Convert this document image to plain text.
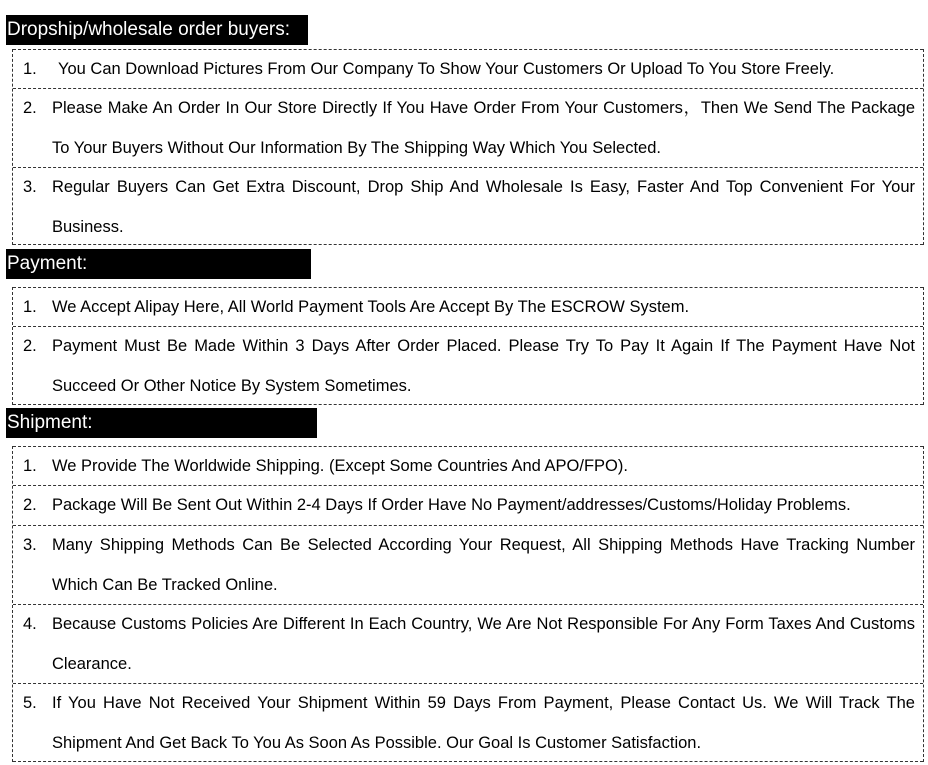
Dropship/wholesale order buyers:
1.	You Can Download Pictures From Our Company To Show Your Customers Or Upload To You Store Freely.
2. Please Make An Order In Our Store Directly If You Have Order From Your Customers，Then We Send The Package To Your Buyers Without Our Information By The Shipping Way Which You Selected.
3. Regular Buyers Can Get Extra Discount, Drop Ship And Wholesale Is Easy, Faster And Top Convenient For Your Business.
Payment:
1. We Accept Alipay Here, All World Payment Tools Are Accept By The ESCROW System.
2. Payment Must Be Made Within 3 Days After Order Placed. Please Try To Pay It Again If The Payment Have Not Succeed Or Other Notice By System Sometimes.
Shipment:
1. We Provide The Worldwide Shipping. (Except Some Countries And APO/FPO).
2. Package Will Be Sent Out Within 2-4 Days If Order Have No Payment/addresses/Customs/Holiday Problems.
3. Many Shipping Methods Can Be Selected According Your Request, All Shipping Methods Have Tracking Number Which Can Be Tracked Online.
4. Because Customs Policies Are Different In Each Country, We Are Not Responsible For Any Form Taxes And Customs Clearance.
5. If You Have Not Received Your Shipment Within 59 Days From Payment, Please Contact Us. We Will Track The Shipment And Get Back To You As Soon As Possible. Our Goal Is Customer Satisfaction.
